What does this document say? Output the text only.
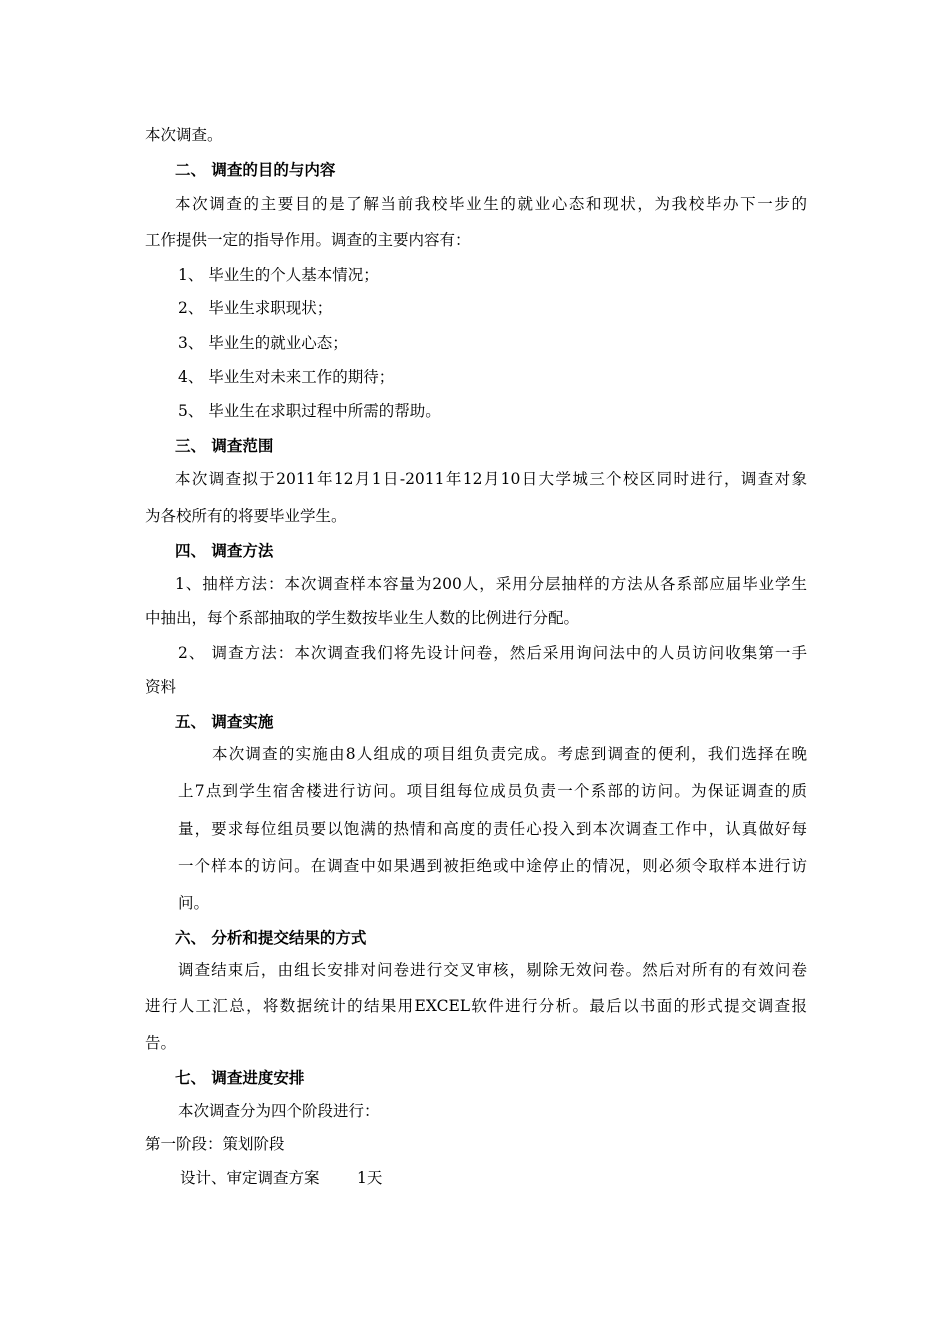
本次调查。
二、 调查的目的与内容
本次调查的主要目的是了解当前我校毕业生的就业心态和现状，为我校毕办下一步的
工作提供一定的指导作用。调查的主要内容有：
1、 毕业生的个人基本情况；
2、 毕业生求职现状；
3、 毕业生的就业心态；
4、 毕业生对未来工作的期待；
5、 毕业生在求职过程中所需的帮助。
三、 调查范围
本次调查拟于2011年12月1日-2011年12月10日大学城三个校区同时进行，调查对象
为各校所有的将要毕业学生。
四、 调查方法
1、抽样方法：本次调查样本容量为200人，采用分层抽样的方法从各系部应届毕业学生
中抽出，每个系部抽取的学生数按毕业生人数的比例进行分配。
2、 调查方法：本次调查我们将先设计问卷，然后采用询问法中的人员访问收集第一手
资料
五、 调查实施
本次调查的实施由8人组成的项目组负责完成。考虑到调查的便利，我们选择在晚
上7点到学生宿舍楼进行访问。项目组每位成员负责一个系部的访问。为保证调查的质
量，要求每位组员要以饱满的热情和高度的责任心投入到本次调查工作中，认真做好每
一个样本的访问。在调查中如果遇到被拒绝或中途停止的情况，则必须令取样本进行访
问。
六、 分析和提交结果的方式
调查结束后，由组长安排对问卷进行交叉审核，剔除无效问卷。然后对所有的有效问卷
进行人工汇总，将数据统计的结果用EXCEL软件进行分析。最后以书面的形式提交调查报
告。
七、 调查进度安排
本次调查分为四个阶段进行：
第一阶段：策划阶段
设计、审定调查方案 1天
